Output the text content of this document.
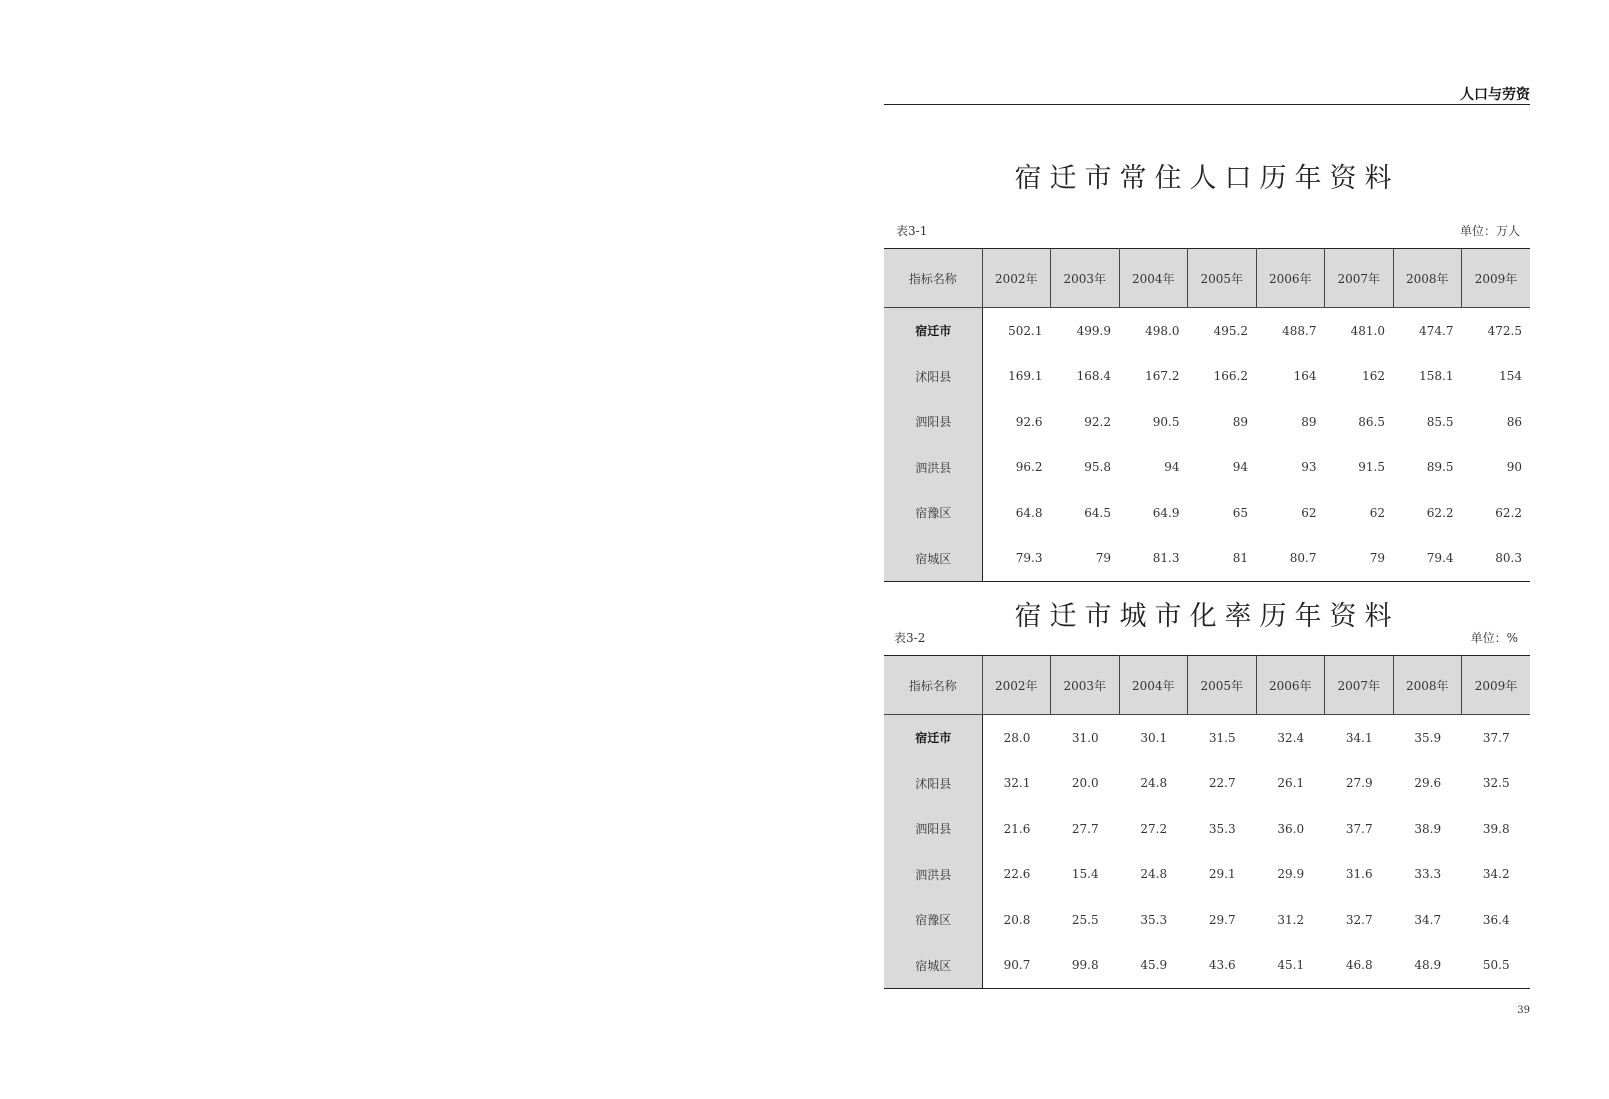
人口与劳资
宿迁市常住人口历年资料
表3-1	单位：万人
指标名称	2002年	2003年	2004年	2005年	2006年	2007年	2008年	2009年
宿迁市	502.1	499.9	498.0	495.2	488.7	481.0	474.7	472.5
沭阳县	169.1	168.4	167.2	166.2	164	162	158.1	154
泗阳县	92.6	92.2	90.5	89	89	86.5	85.5	86
泗洪县	96.2	95.8	94	94	93	91.5	89.5	90
宿豫区	64.8	64.5	64.9	65	62	62	62.2	62.2
宿城区	79.3	79	81.3	81	80.7	79	79.4	80.3
宿迁市城市化率历年资料
表3-2	单位：%
指标名称	2002年	2003年	2004年	2005年	2006年	2007年	2008年	2009年
宿迁市	28.0	31.0	30.1	31.5	32.4	34.1	35.9	37.7
沭阳县	32.1	20.0	24.8	22.7	26.1	27.9	29.6	32.5
泗阳县	21.6	27.7	27.2	35.3	36.0	37.7	38.9	39.8
泗洪县	22.6	15.4	24.8	29.1	29.9	31.6	33.3	34.2
宿豫区	20.8	25.5	35.3	29.7	31.2	32.7	34.7	36.4
宿城区	90.7	99.8	45.9	43.6	45.1	46.8	48.9	50.5
39
